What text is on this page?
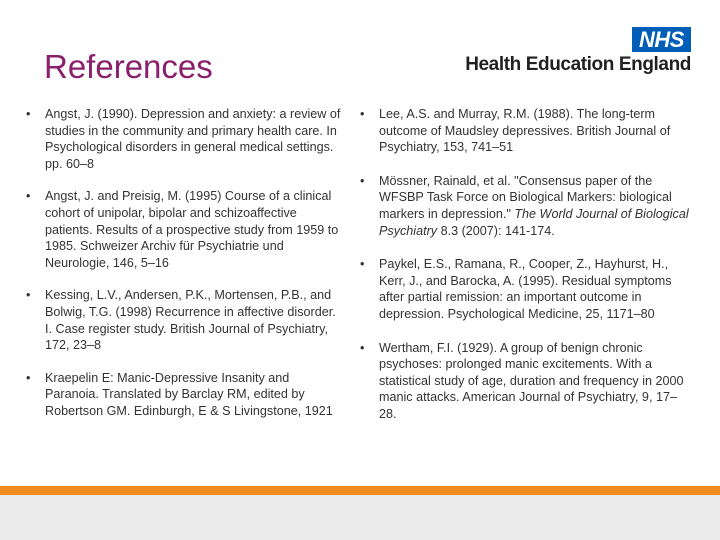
References
NHS
Health Education England
• Angst, J. (1990). Depression and anxiety: a review of studies in the community and primary health care. In Psychological disorders in general medical settings. pp. 60–8
• Angst, J. and Preisig, M. (1995) Course of a clinical cohort of unipolar, bipolar and schizoaffective patients. Results of a prospective study from 1959 to 1985. Schweizer Archiv für Psychiatrie und Neurologie, 146, 5–16
• Kessing, L.V., Andersen, P.K., Mortensen, P.B., and Bolwig, T.G. (1998) Recurrence in affective disorder. I. Case register study. British Journal of Psychiatry, 172, 23–8
• Kraepelin E: Manic-Depressive Insanity and Paranoia. Translated by Barclay RM, edited by Robertson GM. Edinburgh, E & S Livingstone, 1921
• Lee, A.S. and Murray, R.M. (1988). The long-term outcome of Maudsley depressives. British Journal of Psychiatry, 153, 741–51
• Mössner, Rainald, et al. "Consensus paper of the WFSBP Task Force on Biological Markers: biological markers in depression." The World Journal of Biological Psychiatry 8.3 (2007): 141-174.
• Paykel, E.S., Ramana, R., Cooper, Z., Hayhurst, H., Kerr, J., and Barocka, A. (1995). Residual symptoms after partial remission: an important outcome in depression. Psychological Medicine, 25, 1171–80
• Wertham, F.I. (1929). A group of benign chronic psychoses: prolonged manic excitements. With a statistical study of age, duration and frequency in 2000 manic attacks. American Journal of Psychiatry, 9, 17–28.
